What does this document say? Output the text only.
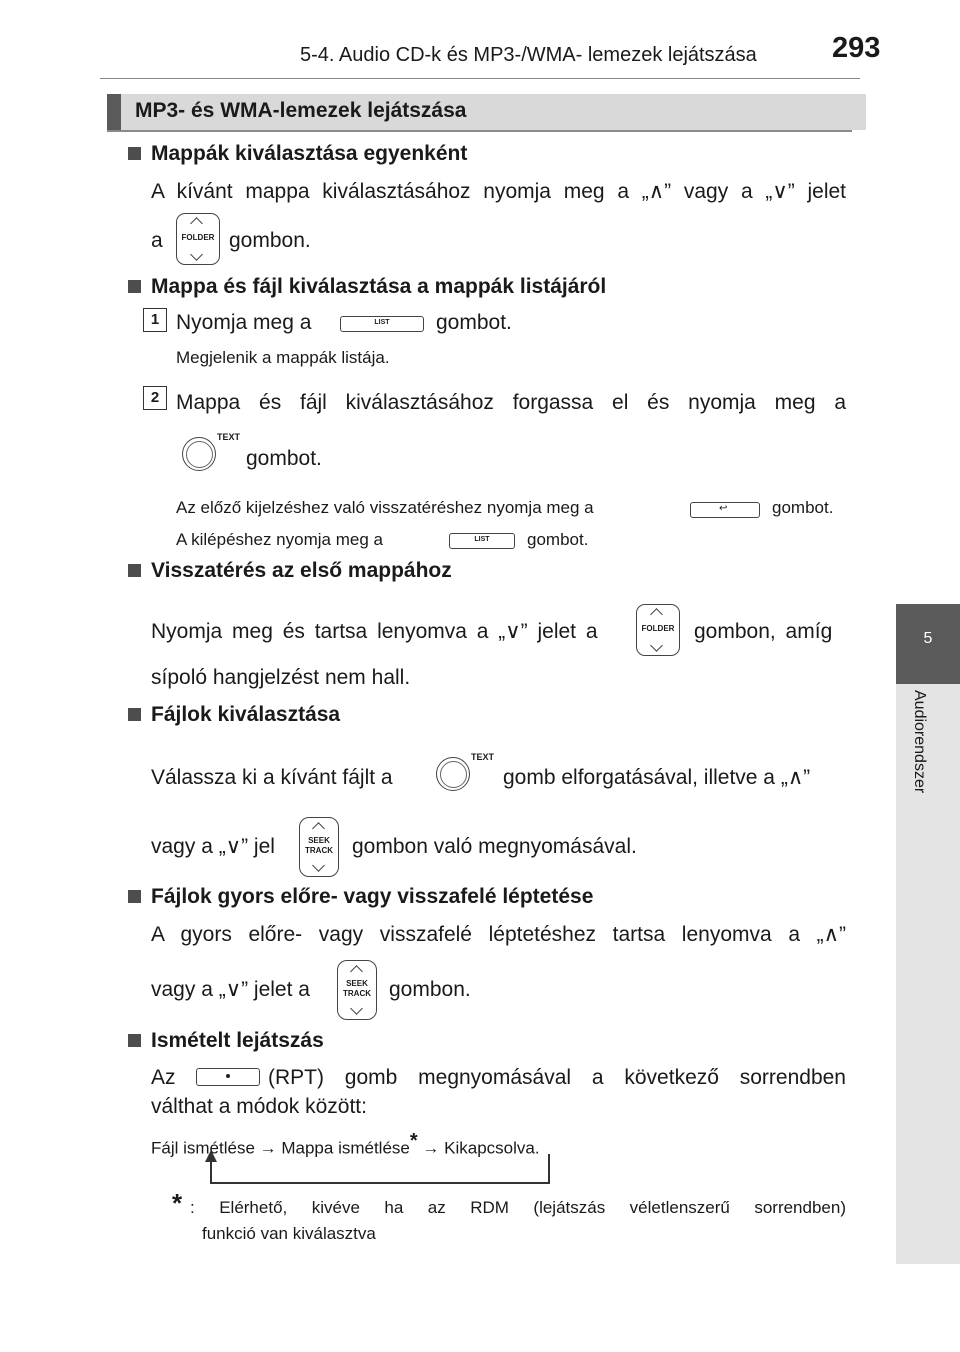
5-4. Audio CD-k és MP3-/WMA- lemezek lejátszása	293
5
Audiorendszer
MP3- és WMA-lemezek lejátszása
Mappák kiválasztása egyenként
A kívánt mappa kiválasztásához nyomja meg a „∧” vagy a „∨” jelet
a	FOLDER gombon.
Mappa és fájl kiválasztása a mappák listájáról
1 Nyomja meg a	LIST	gombot.
Megjelenik a mappák listája.
2 Mappa és fájl kiválasztásához forgassa el és nyomja meg a
TEXT
gombot.
Az előző kijelzéshez való visszatéréshez nyomja meg a	↩	gombot.
A kilépéshez nyomja meg a	LIST	gombot.
Visszatérés az első mappához
Nyomja meg és tartsa lenyomva a „∨” jelet a	FOLDER gombon, amíg
sípoló hangjelzést nem hall.
Fájlok kiválasztása
Válassza ki a kívánt fájlt a
TEXT
gomb elforgatásával, illetve a „∧”
vagy a „∨” jel	SEEK
TRACK gombon való megnyomásával.
Fájlok gyors előre- vagy visszafelé léptetése
A gyors előre- vagy visszafelé léptetéshez tartsa lenyomva a „∧”
vagy a „∨” jelet a	SEEK
TRACK gombon.
Ismételt lejátszás
Az	(RPT) gomb megnyomásával a következő sorrendben
válthat a módok között:
Fájl ismétlése → Mappa ismétlése* → Kikapcsolva.
* : Elérhető, kivéve ha az RDM (lejátszás véletlenszerű sorrendben)
funkció van kiválasztva
